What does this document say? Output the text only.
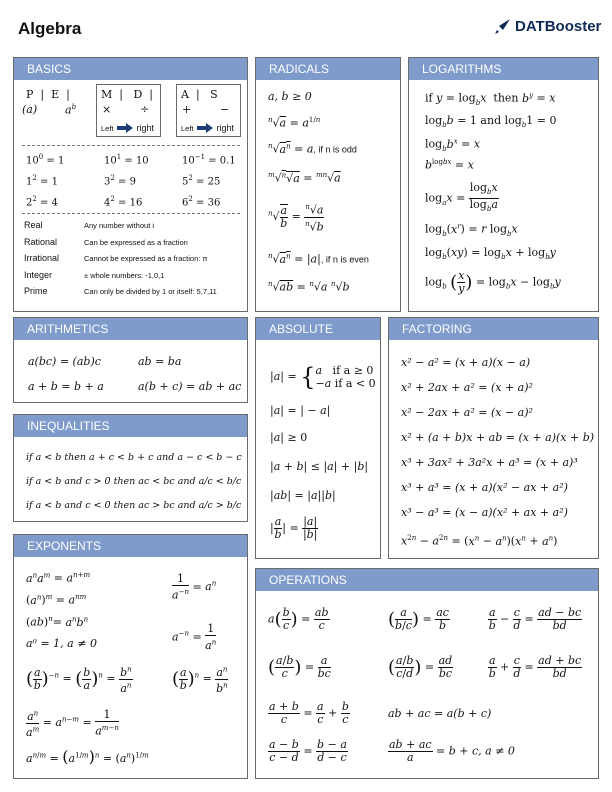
Algebra	DATBooster
BASICS
P  |  E  |
(a)	$a^b$
M  |   D  |
×	÷
Left	right
A  |   S
+	−
Left	right
$10^0 = 1$	$10^1 = 10$	$10^{-1} = 0.1$
$1^2 = 1$	$3^2 = 9$	$5^2 = 25$
$2^2 = 4$	$4^2 = 16$	$6^2 = 36$
Real	Any number without i
Rational	Can be expressed as a fraction
Irrational	Cannot be expressed as a fraction: π
Integer	± whole numbers: -1,0,1
Prime	Can only be divided by 1 or itself: 5,7,11
RADICALS
a, b ≥ 0
$^n√a = a^{1/n}$
$^n√a^n = a$, if n is odd
$^m$√$^n$√a = $^{mn}$√a
$^n√ \frac{a}{b} = \frac{^n√a}{^n√b}$
$^n√a^n = |a|$, if n is even
$^n$√ab = $^n$√a $^n$√b
LOGARITHMS
if $y = \log_bx$ then $b^y = x$
$\log_bb = 1$ and $\log_b1 = 0$
$\log_bb^x = x$
$b^{logbx} = x$
$\log_ax = \frac{\log_bx}{\log_ba}$
$\log_b(x^r) = r$ $\log_bx$
$\log_b(xy) = \log_bx + \log_by$
$\log_b$ ( $\frac{x}{y}$ ) = $\log_bx - \log_by$
ARITHMETICS
a(bc) = (ab)c	ab = ba
a + b = b + a	a(b + c) = ab + ac
INEQUALITIES
if a < b then a + c < b + c and a − c < b − c
if a < b and c > 0 then ac < bc and a/c < b/c
if a < b and c < 0 then ac > bc and a/c > b/c
ABSOLUTE VALUES
|a| = {a if a ≥ 0
−a if a < 0
|a| = | − a|
|a| ≥ 0
|a + b| ≤ |a| + |b|
|ab| = |a||b|
| $\frac{a}{b}$ | = $\frac{|a|}{|b|}$
FACTORING
x² − a² = (x + a)(x − a)
x² + 2ax + a² = (x + a)²
x² − 2ax + a² = (x − a)²
x² + (a + b)x + ab = (x + a)(x + b)
x³ + 3ax² + 3a²x + a³ = (x + a)³
x³ + a³ = (x + a)(x² − ax + a²)
x³ − a³ = (x − a)(x² + ax + a²)
$x^{2n} - a^{2n} = (x^n - a^n)(x^n + a^n)$
EXPONENTS
$a^na^m = a^{n+m}$
$(a^n)^m = a^{nm}$
$(ab)^n= a^nb^n$
a⁰ = 1, a ≠ 0
$\frac{1}{a^{-n}} = a^n$
$a^{-n} = \frac{1}{a^n}$
( $\frac{a}{b} )^{-n}$ = ( $\frac{b}{a} )^n = \frac{b^n}{a^n}$ ( $\frac{a}{b} )^n = \frac{a^n}{b^n}$
$\frac{a^n}{a^m} = a^{n-m} = \frac{1}{a^{m-n}}$
$a^{n/m} = (a^{1/m})^n = (a^n)^{1/m}$
OPERATIONS
$a( \frac{b}{c}$ ) = $\frac{ab}{c}$	( $\frac{a}{b/c}$ ) = $\frac{ac}{b}$	$\frac{a}{b} - \frac{c}{d} = \frac{ad - bc}{bd}$
( $\frac{a/b}{c}$ ) = $\frac{a}{bc}$	( $\frac{a/b}{c/d}$ ) = $\frac{ad}{bc}$	$\frac{a}{b} + \frac{c}{d} = \frac{ad + bc}{bd}$
$\frac{a + b}{c} = \frac{a}{c} + \frac{b}{c}$	ab + ac = a(b + c)
$\frac{a - b}{c - d} = \frac{b - a}{d - c}$	$\frac{ab + ac}{a} = b + c$, a ≠ 0
